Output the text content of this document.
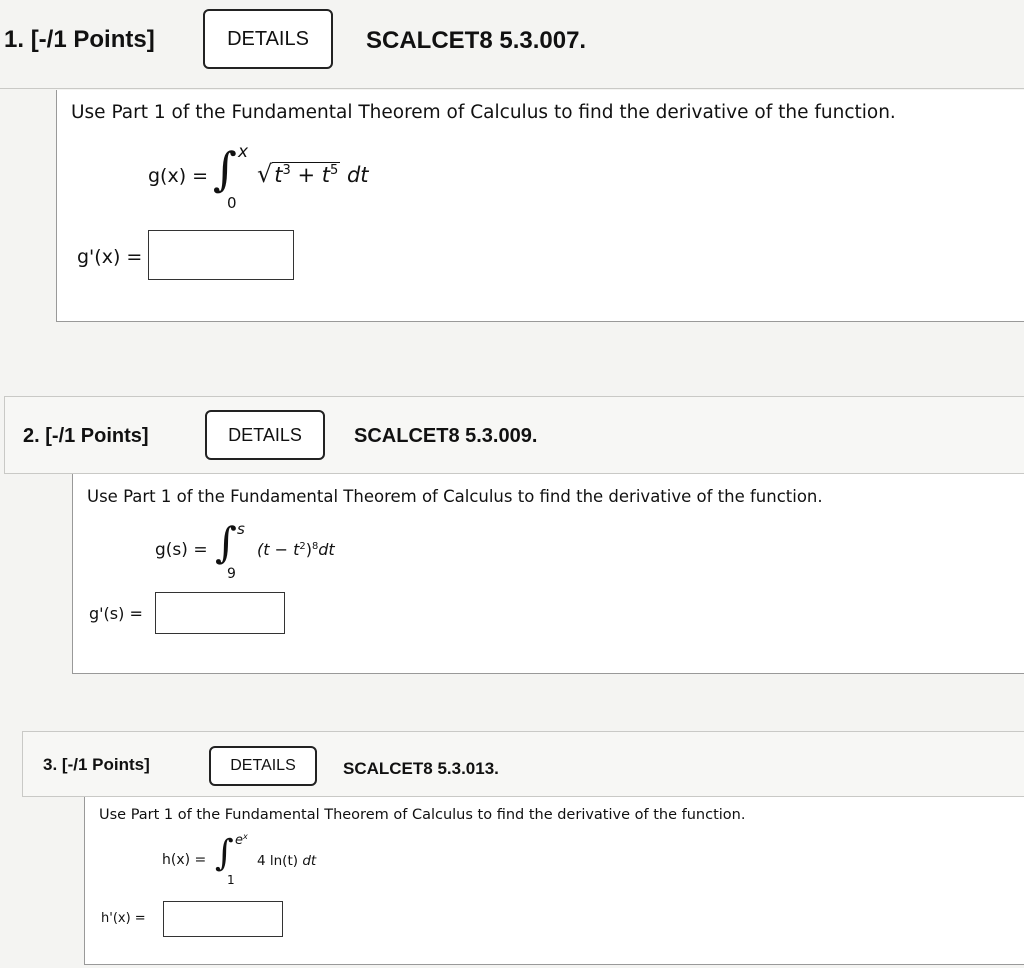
1. [-/1 Points]	DETAILS SCALCET8 5.3.007.
Use Part 1 of the Fundamental Theorem of Calculus to find the derivative of the function.
g(x) = ∫ x
0
$√t^3 + t^5$ dt
g'(x) =
2. [-/1 Points]	DETAILS	SCALCET8 5.3.009.
Use Part 1 of the Fundamental Theorem of Calculus to find the derivative of the function.
g(s) = ∫ s
9
$(t - t^2)^8dt$
g'(s) =
3. [-/1 Points]	DETAILS	SCALCET8 5.3.013.
Use Part 1 of the Fundamental Theorem of Calculus to find the derivative of the function.
h(x) = ∫ $e^x$
1
4 ln(t) dt
h'(x) =
